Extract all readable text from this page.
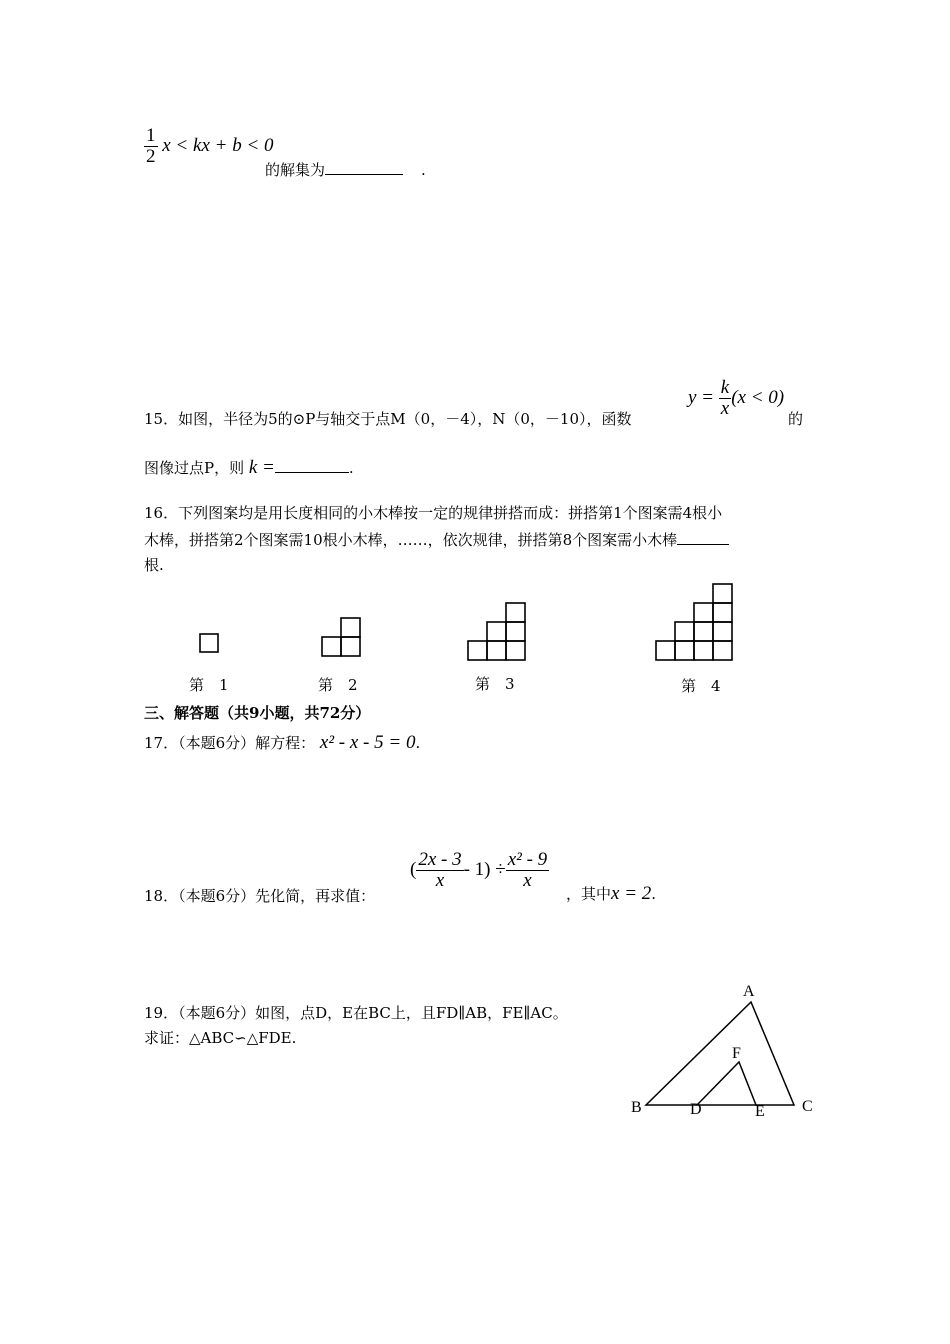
$\frac{1}{2}$ x < kx + b < 0
的解集为	.
15．如图，半径为5的⊙P与轴交于点M（0，－4），N（0，－10），函数
$y = \frac{k}{x} (x < 0)$
的
图像过点P，则 k =	.
16．下列图案均是用长度相同的小木棒按一定的规律拼搭而成：拼搭第1个图案需4根小
木棒，拼搭第2个图案需10根小木棒，……，依次规律，拼搭第8个图案需小木棒
根.
第　1	第　2	第　3	第　4
三、解答题（共9小题，共72分）
17．（本题6分）解方程： x² - x - 5 = 0.
18．（本题6分）先化简，再求值：
( $\frac{2x - 3}{x} - 1) \div \frac{\text{x² - 9}}{x}$
，其中x = 2.
19．（本题6分）如图，点D，E在BC上，且FD∥AB，FE∥AC。
求证：△ABC∽△FDE.
A
F
B	D	E C
